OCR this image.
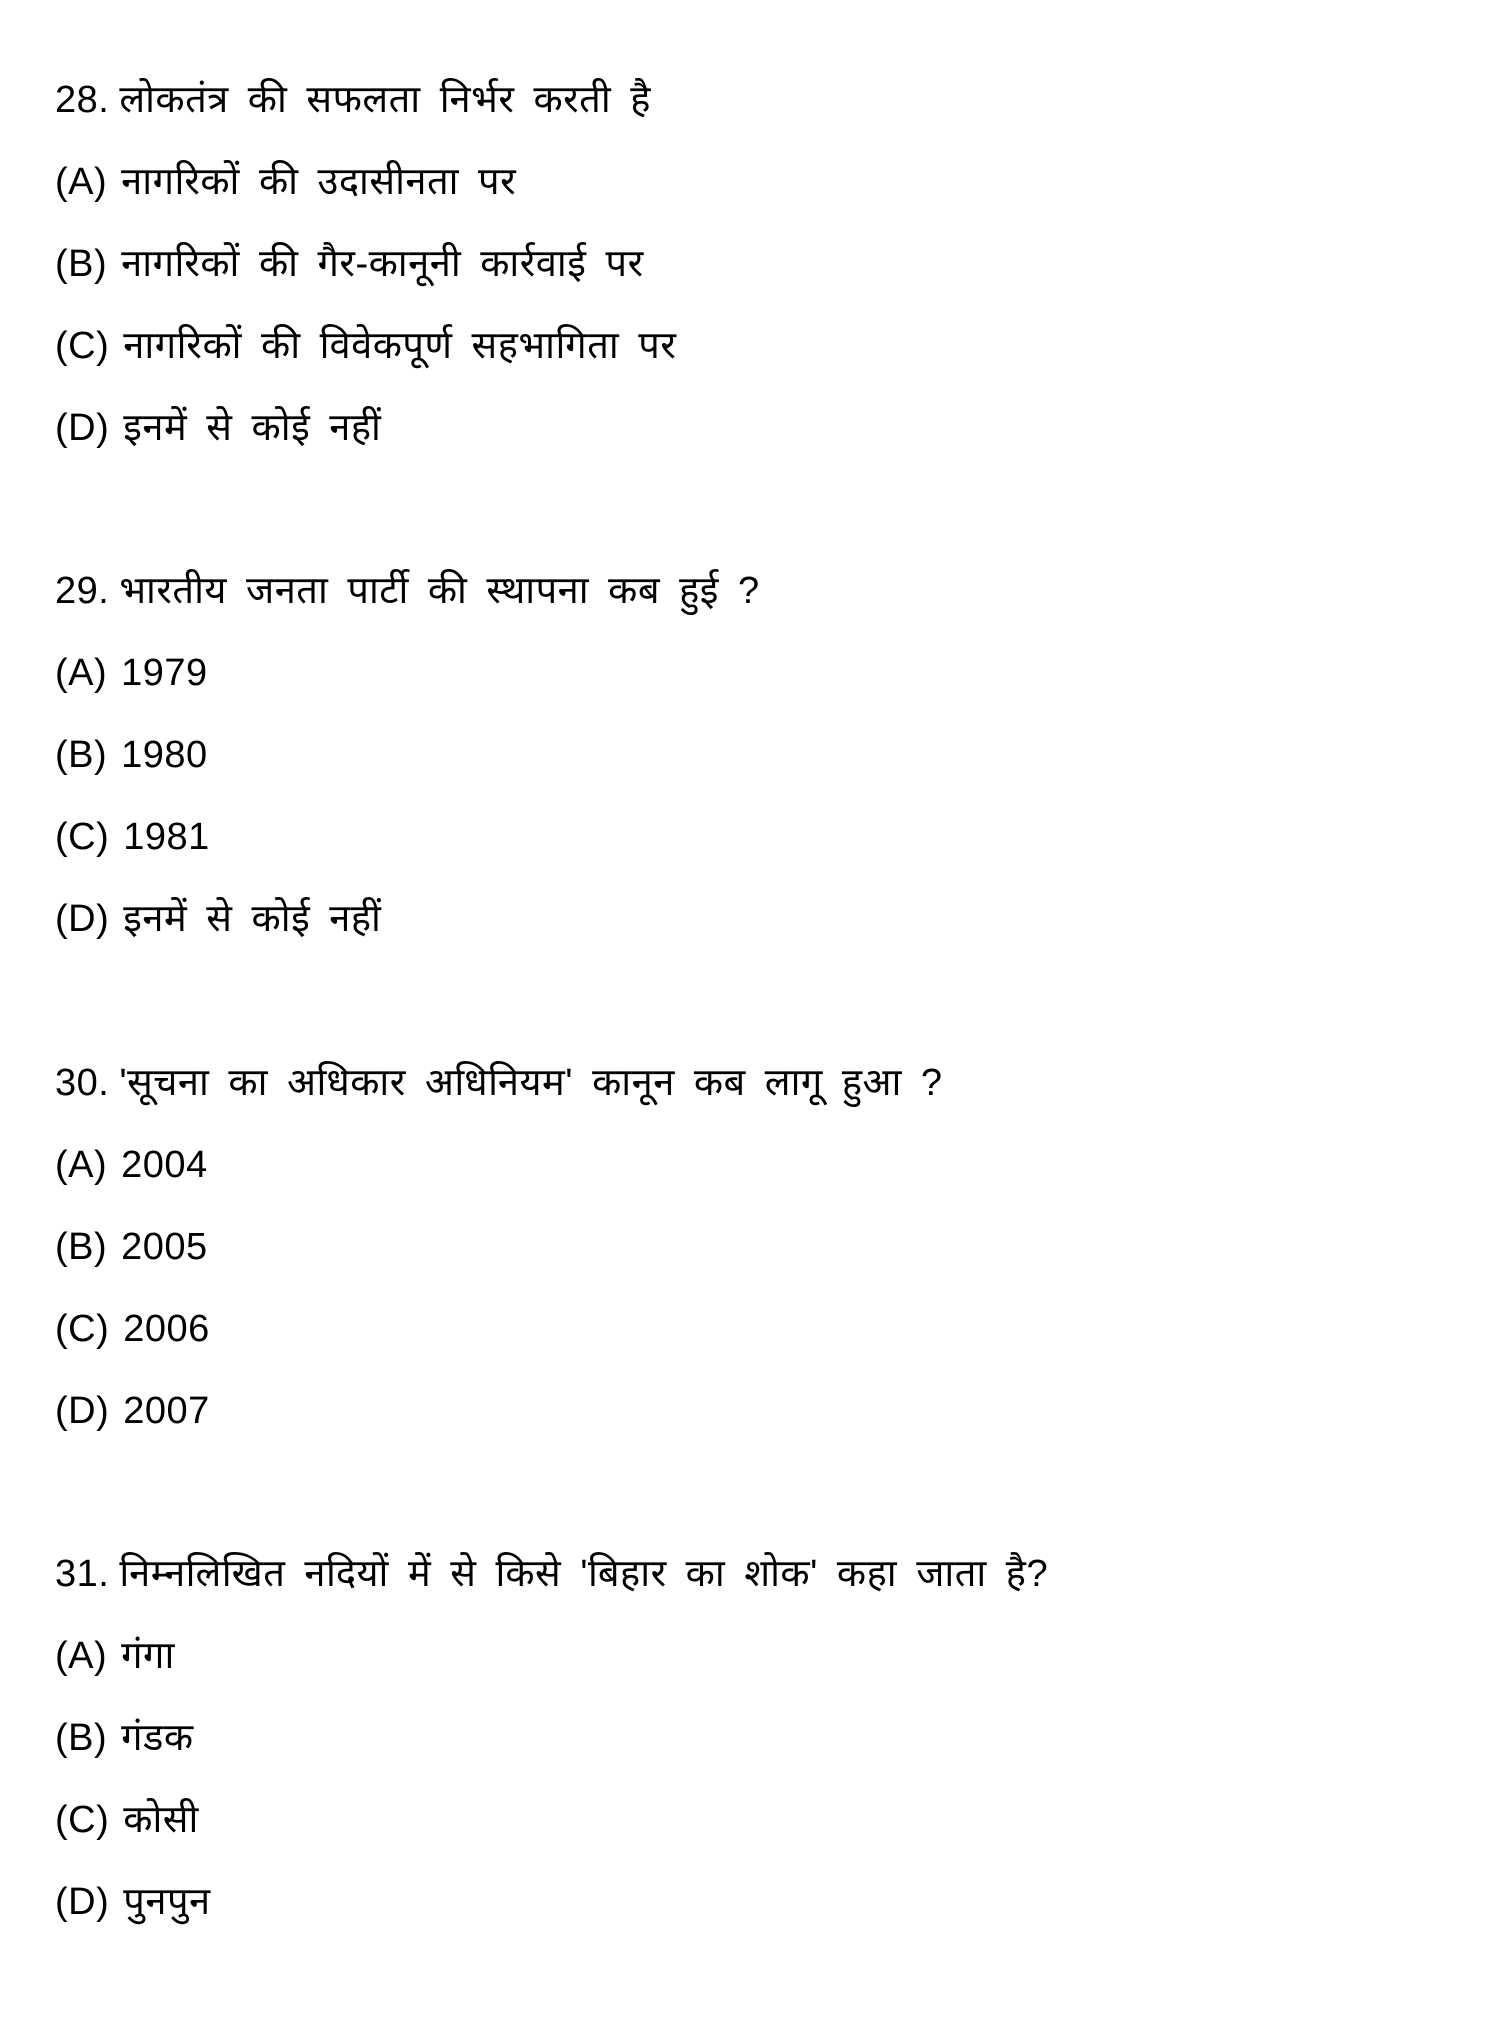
28. लोकतंत्र की सफलता निर्भर करती है
(A) नागरिकों की उदासीनता पर
(B) नागरिकों की गैर-कानूनी कार्रवाई पर
(C) नागरिकों की विवेकपूर्ण सहभागिता पर
(D) इनमें से कोई नहीं
29. भारतीय जनता पार्टी की स्थापना कब हुई ?
(A) 1979
(B) 1980
(C) 1981
(D) इनमें से कोई नहीं
30. 'सूचना का अधिकार अधिनियम' कानून कब लागू हुआ ?
(A) 2004
(B) 2005
(C) 2006
(D) 2007
31. निम्नलिखित नदियों में से किसे 'बिहार का शोक' कहा जाता है?
(A) गंगा
(B) गंडक
(C) कोसी
(D) पुनपुन
